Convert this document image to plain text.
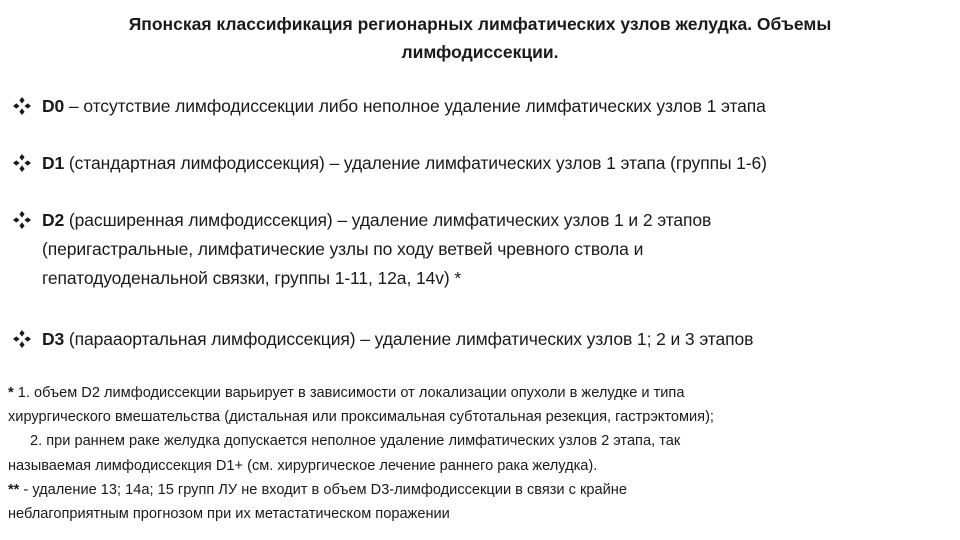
Японская классификация регионарных лимфатических узлов желудка. Объемы
лимфодиссекции.
D0 – отсутствие лимфодиссекции либо неполное удаление лимфатических узлов 1 этапа
D1 (стандартная лимфодиссекция) – удаление лимфатических узлов 1 этапа (группы 1-6)
D2 (расширенная лимфодиссекция) – удаление лимфатических узлов 1 и 2 этапов
(перигастральные, лимфатические узлы по ходу ветвей чревного ствола и
гепатодуоденальной связки, группы 1-11, 12а, 14v) *
D3 (парааортальная лимфодиссекция) – удаление лимфатических узлов 1; 2 и 3 этапов
* 1. объем D2 лимфодиссекции варьирует в зависимости от локализации опухоли в желудке и типа
хирургического вмешательства (дистальная или проксимальная субтотальная резекция, гастрэктомия);
2. при раннем раке желудка допускается неполное удаление лимфатических узлов 2 этапа, так
называемая лимфодиссекция D1+ (см. хирургическое лечение раннего рака желудка).
** - удаление 13; 14а; 15 групп ЛУ не входит в объем D3-лимфодиссекции в связи с крайне
неблагоприятным прогнозом при их метастатическом поражении
